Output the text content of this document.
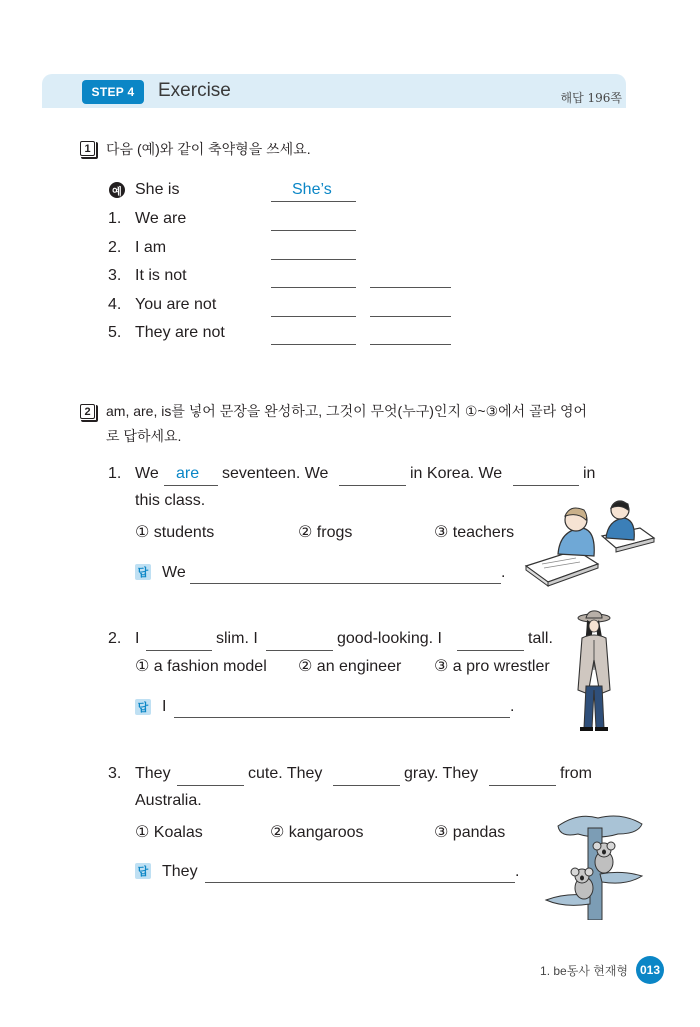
STEP 4	Exercise	해답 196쪽
1	다음 (예)와 같이 축약형을 쓰세요.
예 She is	She’s
1. We are
2. I am
3. It is not
4. You are not
5. They are not
2	am, are, is를 넣어 문장을 완성하고, 그것이 무엇(누구)인지 ①~③에서 골라 영어
로 답하세요.
1. We are seventeen. We	in Korea. We	in
this class.
① students	② frogs	③ teachers
답 We	.
2. I	slim. I	good-looking. I	tall.
① a fashion model ② an engineer ③ a pro wrestler
답 I	.
3. They	cute. They	gray. They	from
Australia.
① Koalas	② kangaroos	③ pandas
답 They	.
1. be동사 현재형 013
